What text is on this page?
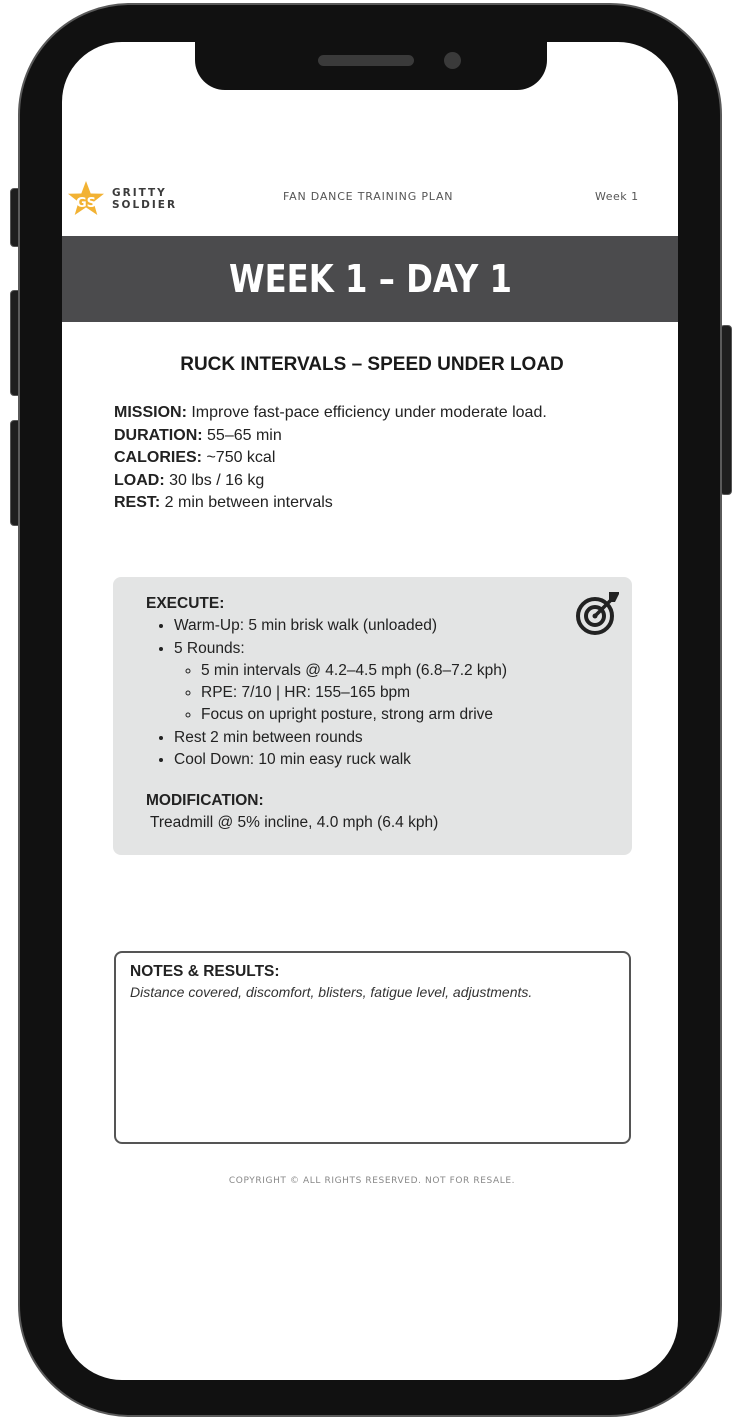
GS
GRITTY
SOLDIER
FAN DANCE TRAINING PLAN	Week 1
WEEK 1 – DAY 1
RUCK INTERVALS – SPEED UNDER LOAD
MISSION: Improve fast-pace efficiency under moderate load.
DURATION: 55–65 min
CALORIES: ~750 kcal
LOAD: 30 lbs / 16 kg
REST: 2 min between intervals
EXECUTE:
• Warm-Up: 5 min brisk walk (unloaded)
• 5 Rounds:
◦ 5 min intervals @ 4.2–4.5 mph (6.8–7.2 kph)
◦ RPE: 7/10 | HR: 155–165 bpm
◦ Focus on upright posture, strong arm drive
• Rest 2 min between rounds
• Cool Down: 10 min easy ruck walk
MODIFICATION:
Treadmill @ 5% incline, 4.0 mph (6.4 kph)
NOTES & RESULTS:
Distance covered, discomfort, blisters, fatigue level, adjustments.
COPYRIGHT © ALL RIGHTS RESERVED. NOT FOR RESALE.
